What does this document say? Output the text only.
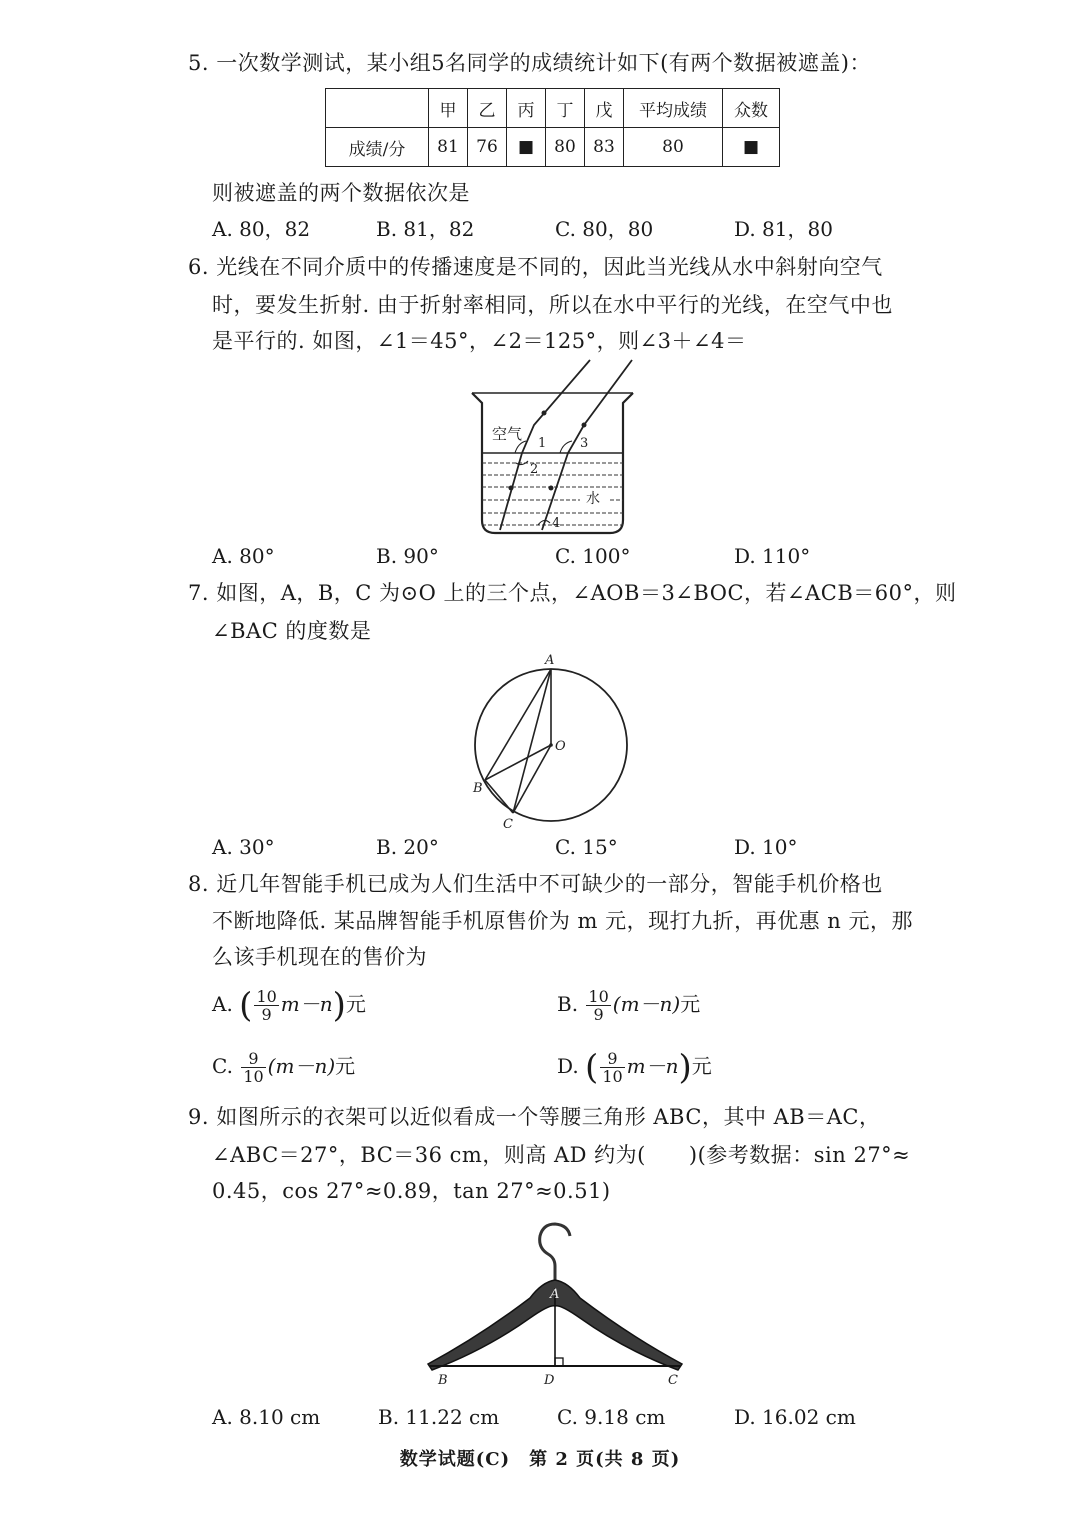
5. 一次数学测试，某小组5名同学的成绩统计如下(有两个数据被遮盖)：
	甲	乙	丙	丁	戊	平均成绩	众数
成绩/分	81	76	■	80	83	80	■
则被遮盖的两个数据依次是
A. 80，82	B. 81，82	C. 80，80	D. 81，80
6. 光线在不同介质中的传播速度是不同的，因此当光线从水中斜射向空气
时，要发生折射. 由于折射率相同，所以在水中平行的光线，在空气中也
是平行的. 如图，∠1＝45°，∠2＝125°，则∠3＋∠4＝
空气
水
1
2
3
4
A. 80°	B. 90°	C. 100°	D. 110°
7. 如图，A，B，C 为⊙O 上的三个点，∠AOB＝3∠BOC，若∠ACB＝60°，则
∠BAC 的度数是
A
O
B
C
A. 30°	B. 20°	C. 15°	D. 10°
8. 近几年智能手机已成为人们生活中不可缺少的一部分，智能手机价格也
不断地降低. 某品牌智能手机原售价为 m 元，现打九折，再优惠 n 元，那
么该手机现在的售价为
A. ( $\frac{10}{9} m-n$)元	B. $\frac{10}{9} (m-n)$元
C. $\frac{9}{10} (m-n)$元	D. ( $\frac{9}{10} m-n$)元
9. 如图所示的衣架可以近似看成一个等腰三角形 ABC，其中 AB＝AC，
∠ABC＝27°，BC＝36 cm，则高 AD 约为(　　)(参考数据：sin 27°≈
0.45，cos 27°≈0.89，tan 27°≈0.51)
A
B	D	C
A. 8.10 cm	B. 11.22 cm	C. 9.18 cm	D. 16.02 cm
数学试题(C)　第 2 页(共 8 页)
